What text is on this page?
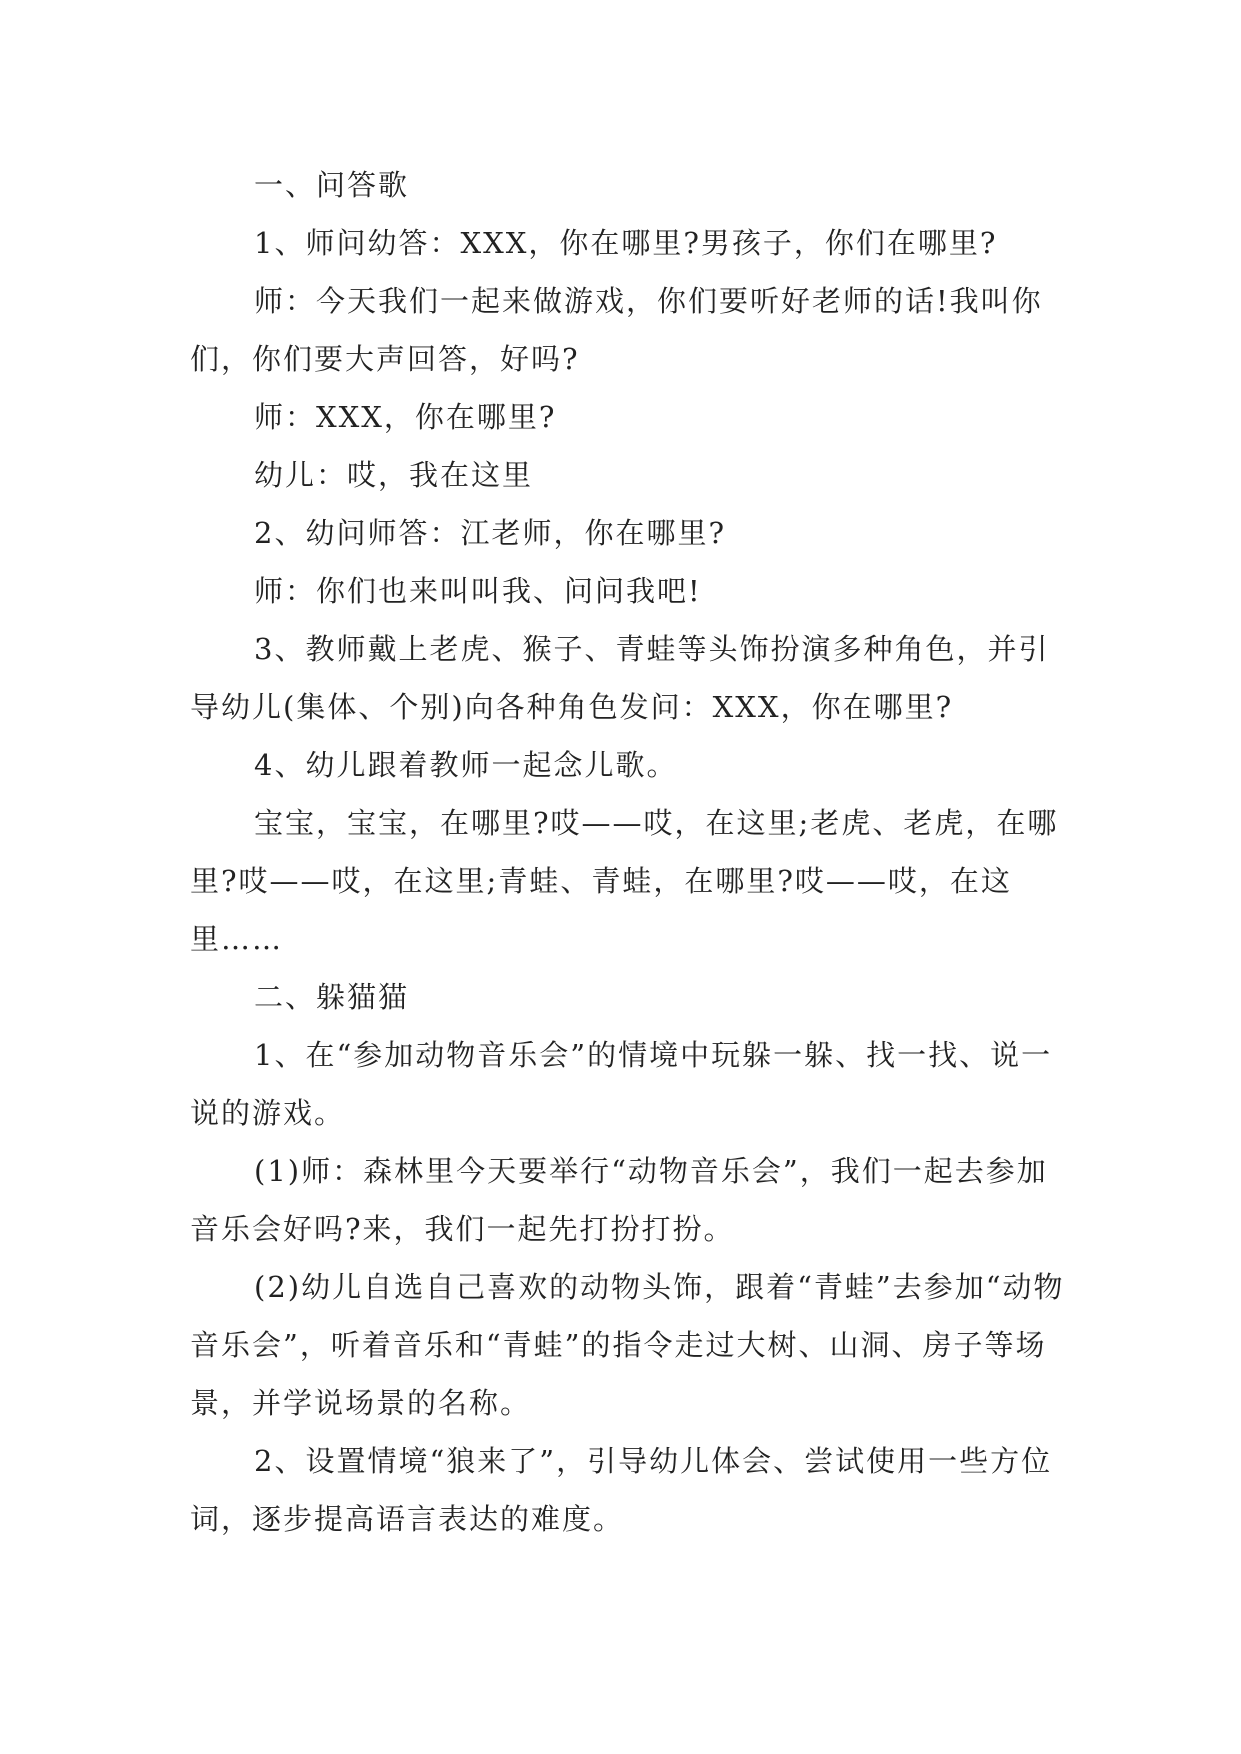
一、问答歌

1、师问幼答：XXX，你在哪里?男孩子，你们在哪里?

师：今天我们一起来做游戏，你们要听好老师的话!我叫你们，你们要大声回答，好吗?

师：XXX，你在哪里?

幼儿：哎，我在这里

2、幼问师答：江老师，你在哪里?

师：你们也来叫叫我、问问我吧!

3、教师戴上老虎、猴子、青蛙等头饰扮演多种角色，并引导幼儿(集体、个别)向各种角色发问：XXX，你在哪里?

4、幼儿跟着教师一起念儿歌。

宝宝，宝宝，在哪里?哎——哎，在这里;老虎、老虎，在哪里?哎——哎，在这里;青蛙、青蛙，在哪里?哎——哎，在这里……

二、躲猫猫

1、在“参加动物音乐会”的情境中玩躲一躲、找一找、说一说的游戏。

(1)师：森林里今天要举行“动物音乐会”，我们一起去参加音乐会好吗?来，我们一起先打扮打扮。

(2)幼儿自选自己喜欢的动物头饰，跟着“青蛙”去参加“动物音乐会”，听着音乐和“青蛙”的指令走过大树、山洞、房子等场景，并学说场景的名称。

2、设置情境“狼来了”，引导幼儿体会、尝试使用一些方位词，逐步提高语言表达的难度。
